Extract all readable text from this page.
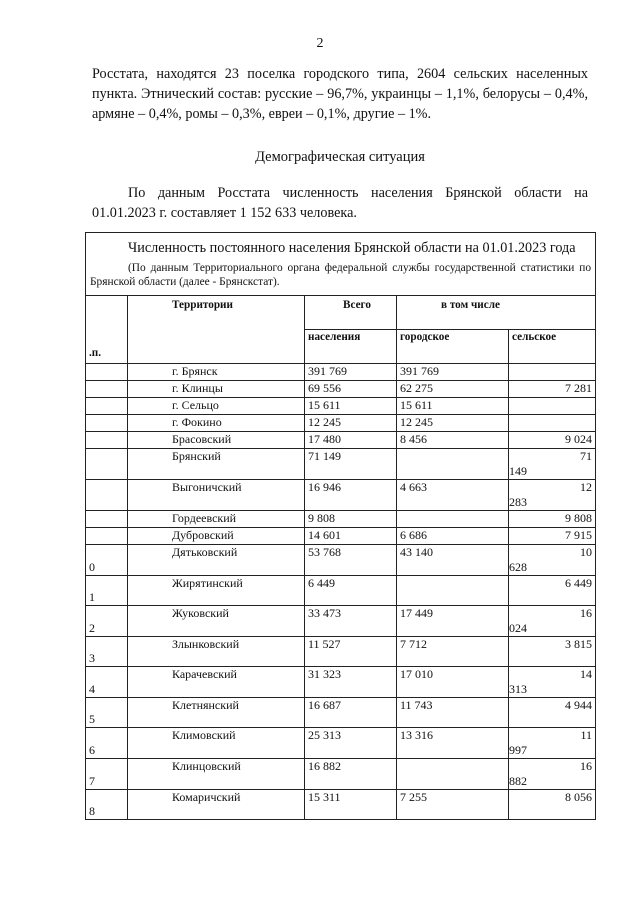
2
Росстата, находятся 23 поселка городского типа, 2604 сельских населенных пункта. Этнический состав: русские – 96,7%, украинцы – 1,1%, белорусы – 0,4%, армяне – 0,4%, ромы – 0,3%, евреи – 0,1%, другие – 1%.
Демографическая ситуация
По данным Росстата численность населения Брянской области на 01.01.2023 г. составляет 1 152 633 человека.
Численность постоянного населения Брянской области на 01.01.2023 года
(По данным Территориального органа федеральной службы государственной статистики по Брянской области (далее - Брянскстат).				

.п.	Территории	Всего	в том числе	
		населения	городское	сельское
	г. Брянск	391 769	391 769	

	г. Клинцы	69 556	62 275	7 281

	г. Сельцо	15 611	15 611	

	г. Фокино	12 245	12 245	

	Брасовский	17 480	8 456	9 024

	Брянский	71 149		71
149

	Выгоничский	16 946	4 663	12
283

	Гордеевский	9 808		9 808

	Дубровский	14 601	6 686	7 915

0	Дятьковский	53 768	43 140	10
628

1	Жирятинский	6 449		6 449

2	Жуковский	33 473	17 449	16
024

3	Злынковский	11 527	7 712	3 815

4	Карачевский	31 323	17 010	14
313

5	Клетнянский	16 687	11 743	4 944

6	Климовский	25 313	13 316	11
997

7	Клинцовский	16 882		16
882

8	Комаричский	15 311	7 255	8 056
